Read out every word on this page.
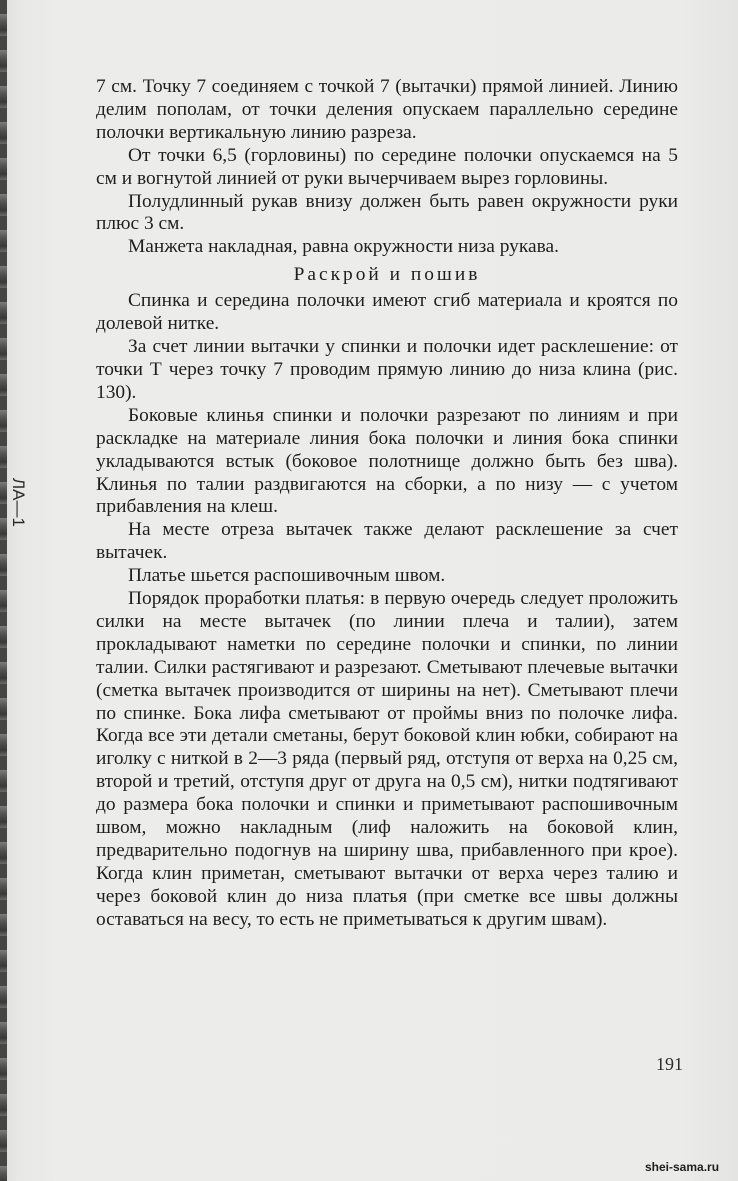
ЛА—1

7 см. Точку 7 соединяем с точкой 7 (вытачки) прямой линией. Линию делим пополам, от точки деления опускаем параллельно середине полочки вертикальную линию разреза.

От точки 6,5 (горловины) по середине полочки опускаемся на 5 см и вогнутой линией от руки вычерчиваем вырез горловины.

Полудлинный рукав внизу должен быть равен окружности руки плюс 3 см.

Манжета накладная, равна окружности низа рукава.

Раскрой и пошив

Спинка и середина полочки имеют сгиб материала и кроятся по долевой нитке.

За счет линии вытачки у спинки и полочки идет расклешение: от точки Т через точку 7 проводим прямую линию до низа клина (рис. 130).

Боковые клинья спинки и полочки разрезают по линиям и при раскладке на материале линия бока полочки и линия бока спинки укладываются встык (боковое полотнище должно быть без шва). Клинья по талии раздвигаются на сборки, а по низу — с учетом прибавления на клеш.

На месте отреза вытачек также делают расклешение за счет вытачек.

Платье шьется распошивочным швом.

Порядок проработки платья: в первую очередь следует проложить силки на месте вытачек (по линии плеча и талии), затем прокладывают наметки по середине полочки и спинки, по линии талии. Силки растягивают и разрезают. Сметывают плечевые вытачки (сметка вытачек производится от ширины на нет). Сметывают плечи по спинке. Бока лифа сметывают от проймы вниз по полочке лифа. Когда все эти детали сметаны, берут боковой клин юбки, собирают на иголку с ниткой в 2—3 ряда (первый ряд, отступя от верха на 0,25 см, второй и третий, отступя друг от друга на 0,5 см), нитки подтягивают до размера бока полочки и спинки и приметывают распошивочным швом, можно накладным (лиф наложить на боковой клин, предварительно подогнув на ширину шва, прибавленного при крое). Когда клин приметан, сметывают вытачки от верха через талию и через боковой клин до низа платья (при сметке все швы должны оставаться на весу, то есть не приметываться к другим швам).

191
shei-sama.ru
